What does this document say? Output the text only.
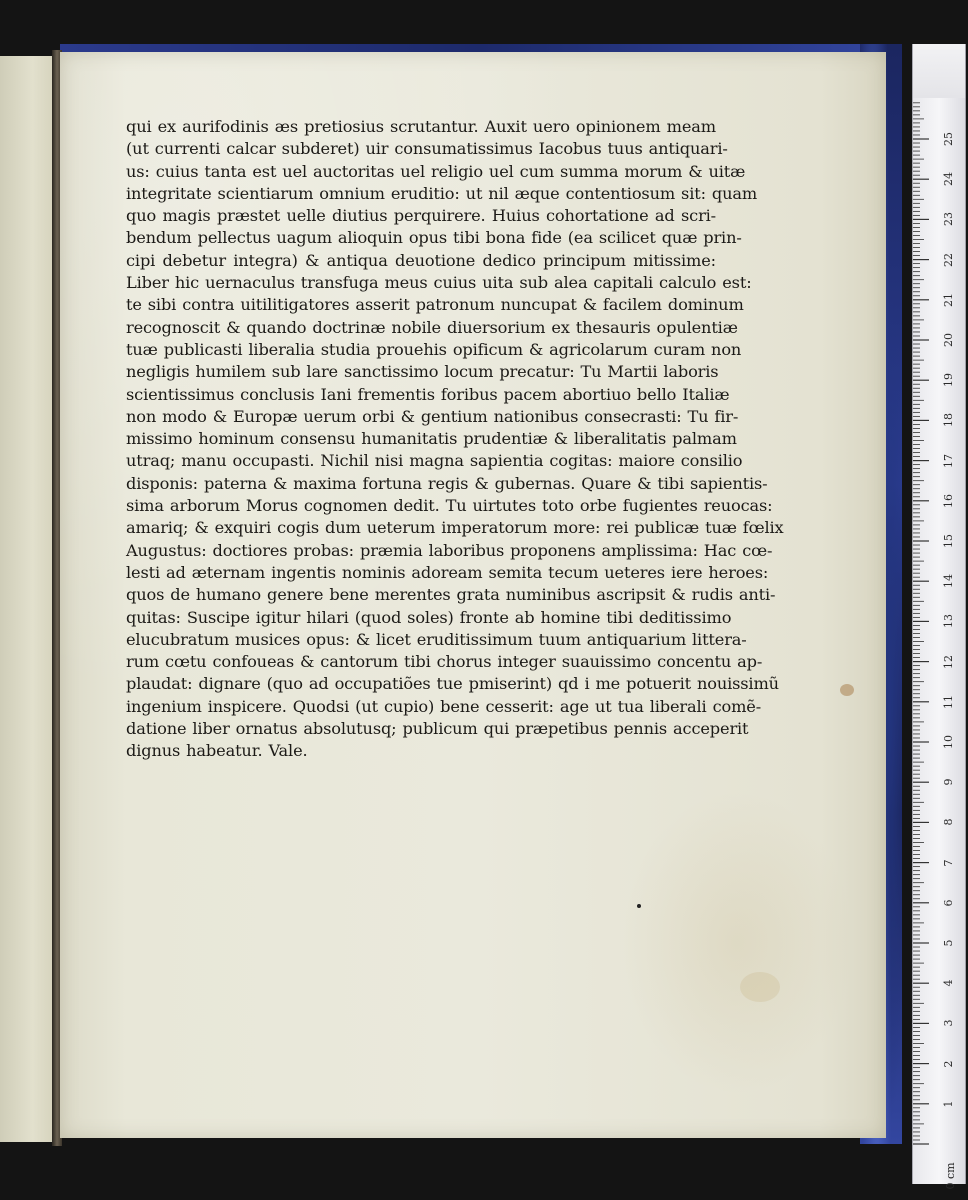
qui ex aurifodinis æs pretiosius scrutantur. Auxit uero opinionem meam
(ut currenti calcar subderet) uir consumatissimus Iacobus tuus antiquari-
us: cuius tanta est uel auctoritas uel religio uel cum summa morum & uitæ
integritate scientiarum omnium eruditio: ut nil æque contentiosum sit: quam
quo magis præstet uelle diutius perquirere. Huius cohortatione ad scri-
bendum pellectus uagum alioquin opus tibi bona fide (ea scilicet quæ prin-
cipi debetur integra) & antiqua deuotione dedico principum mitissime:
Liber hic uernaculus transfuga meus cuius uita sub alea capitali calculo est:
te sibi contra uitilitigatores asserit patronum nuncupat & facilem dominum
recognoscit & quando doctrinæ nobile diuersorium ex thesauris opulentiæ
tuæ publicasti liberalia studia prouehis opificum & agricolarum curam non
negligis humilem sub lare sanctissimo locum precatur: Tu Martii laboris
scientissimus conclusis Iani frementis foribus pacem abortiuo bello Italiæ
non modo & Europæ uerum orbi & gentium nationibus consecrasti: Tu fir-
missimo hominum consensu humanitatis prudentiæ & liberalitatis palmam
utraq; manu occupasti. Nichil nisi magna sapientia cogitas: maiore consilio
disponis: paterna & maxima fortuna regis & gubernas. Quare & tibi sapientis-
sima arborum Morus cognomen dedit. Tu uirtutes toto orbe fugientes reuocas:
amariq; & exquiri cogis dum ueterum imperatorum more: rei publicæ tuæ fœlix
Augustus: doctiores probas: præmia laboribus proponens amplissima: Hac cœ-
lesti ad æternam ingentis nominis adoream semita tecum ueteres iere heroes:
quos de humano genere bene merentes grata numinibus ascripsit & rudis anti-
quitas: Suscipe igitur hilari (quod soles) fronte ab homine tibi deditissimo
elucubratum musices opus: & licet eruditissimum tuum antiquarium littera-
rum cœtu confoueas & cantorum tibi chorus integer suauissimo concentu ap-
plaudat: dignare (quo ad occupatiões tue pmiserint) qd i me potuerit nouissimũ
ingenium inspicere. Quodsi (ut cupio) bene cesserit: age ut tua liberali comẽ-
datione liber ornatus absolutusq; publicum qui præpetibus pennis acceperit
dignus habeatur. Vale.
1
2
3
4
5
6
7
8
9
10
11
12
13
14
15
16
17
18
19
20
21
22
23
24
25
0 cm
